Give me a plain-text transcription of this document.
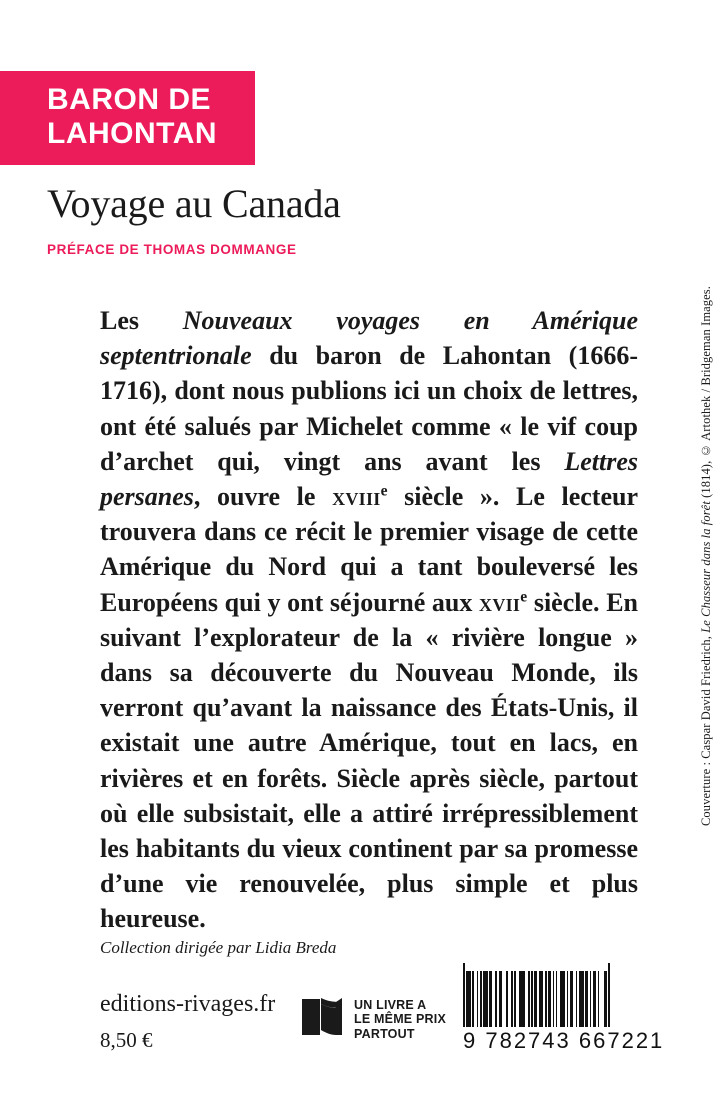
BARON DE
LAHONTAN
Voyage au Canada
PRÉFACE DE THOMAS DOMMANGE
Les Nouveaux voyages en Amérique septentrionale du baron de Lahontan (1666-1716), dont nous publions ici un choix de lettres, ont été salués par Michelet comme « le vif coup d’archet qui, vingt ans avant les Lettres persanes, ouvre le xviii$^e$ siècle ». Le lecteur trouvera dans ce récit le premier visage de cette Amérique du Nord qui a tant bouleversé les Européens qui y ont séjourné aux xvii$^e$ siècle. En suivant l’explorateur de la « rivière longue » dans sa découverte du Nouveau Monde, ils verront qu’avant la naissance des États-Unis, il existait une autre Amérique, tout en lacs, en rivières et en forêts. Siècle après siècle, partout où elle subsistait, elle a attiré irrépressiblement les habitants du vieux continent par sa promesse d’une vie renouvelée, plus simple et plus heureuse.
Collection dirigée par Lidia Breda
editions-rivages.fr
8,50 €
UN LIVRE A
LE MÊME PRIX
PARTOUT	9 782743 667221
Couverture : Caspar David Friedrich, Le Chasseur dans la forêt (1814), © Artothek / Bridgeman Images.
